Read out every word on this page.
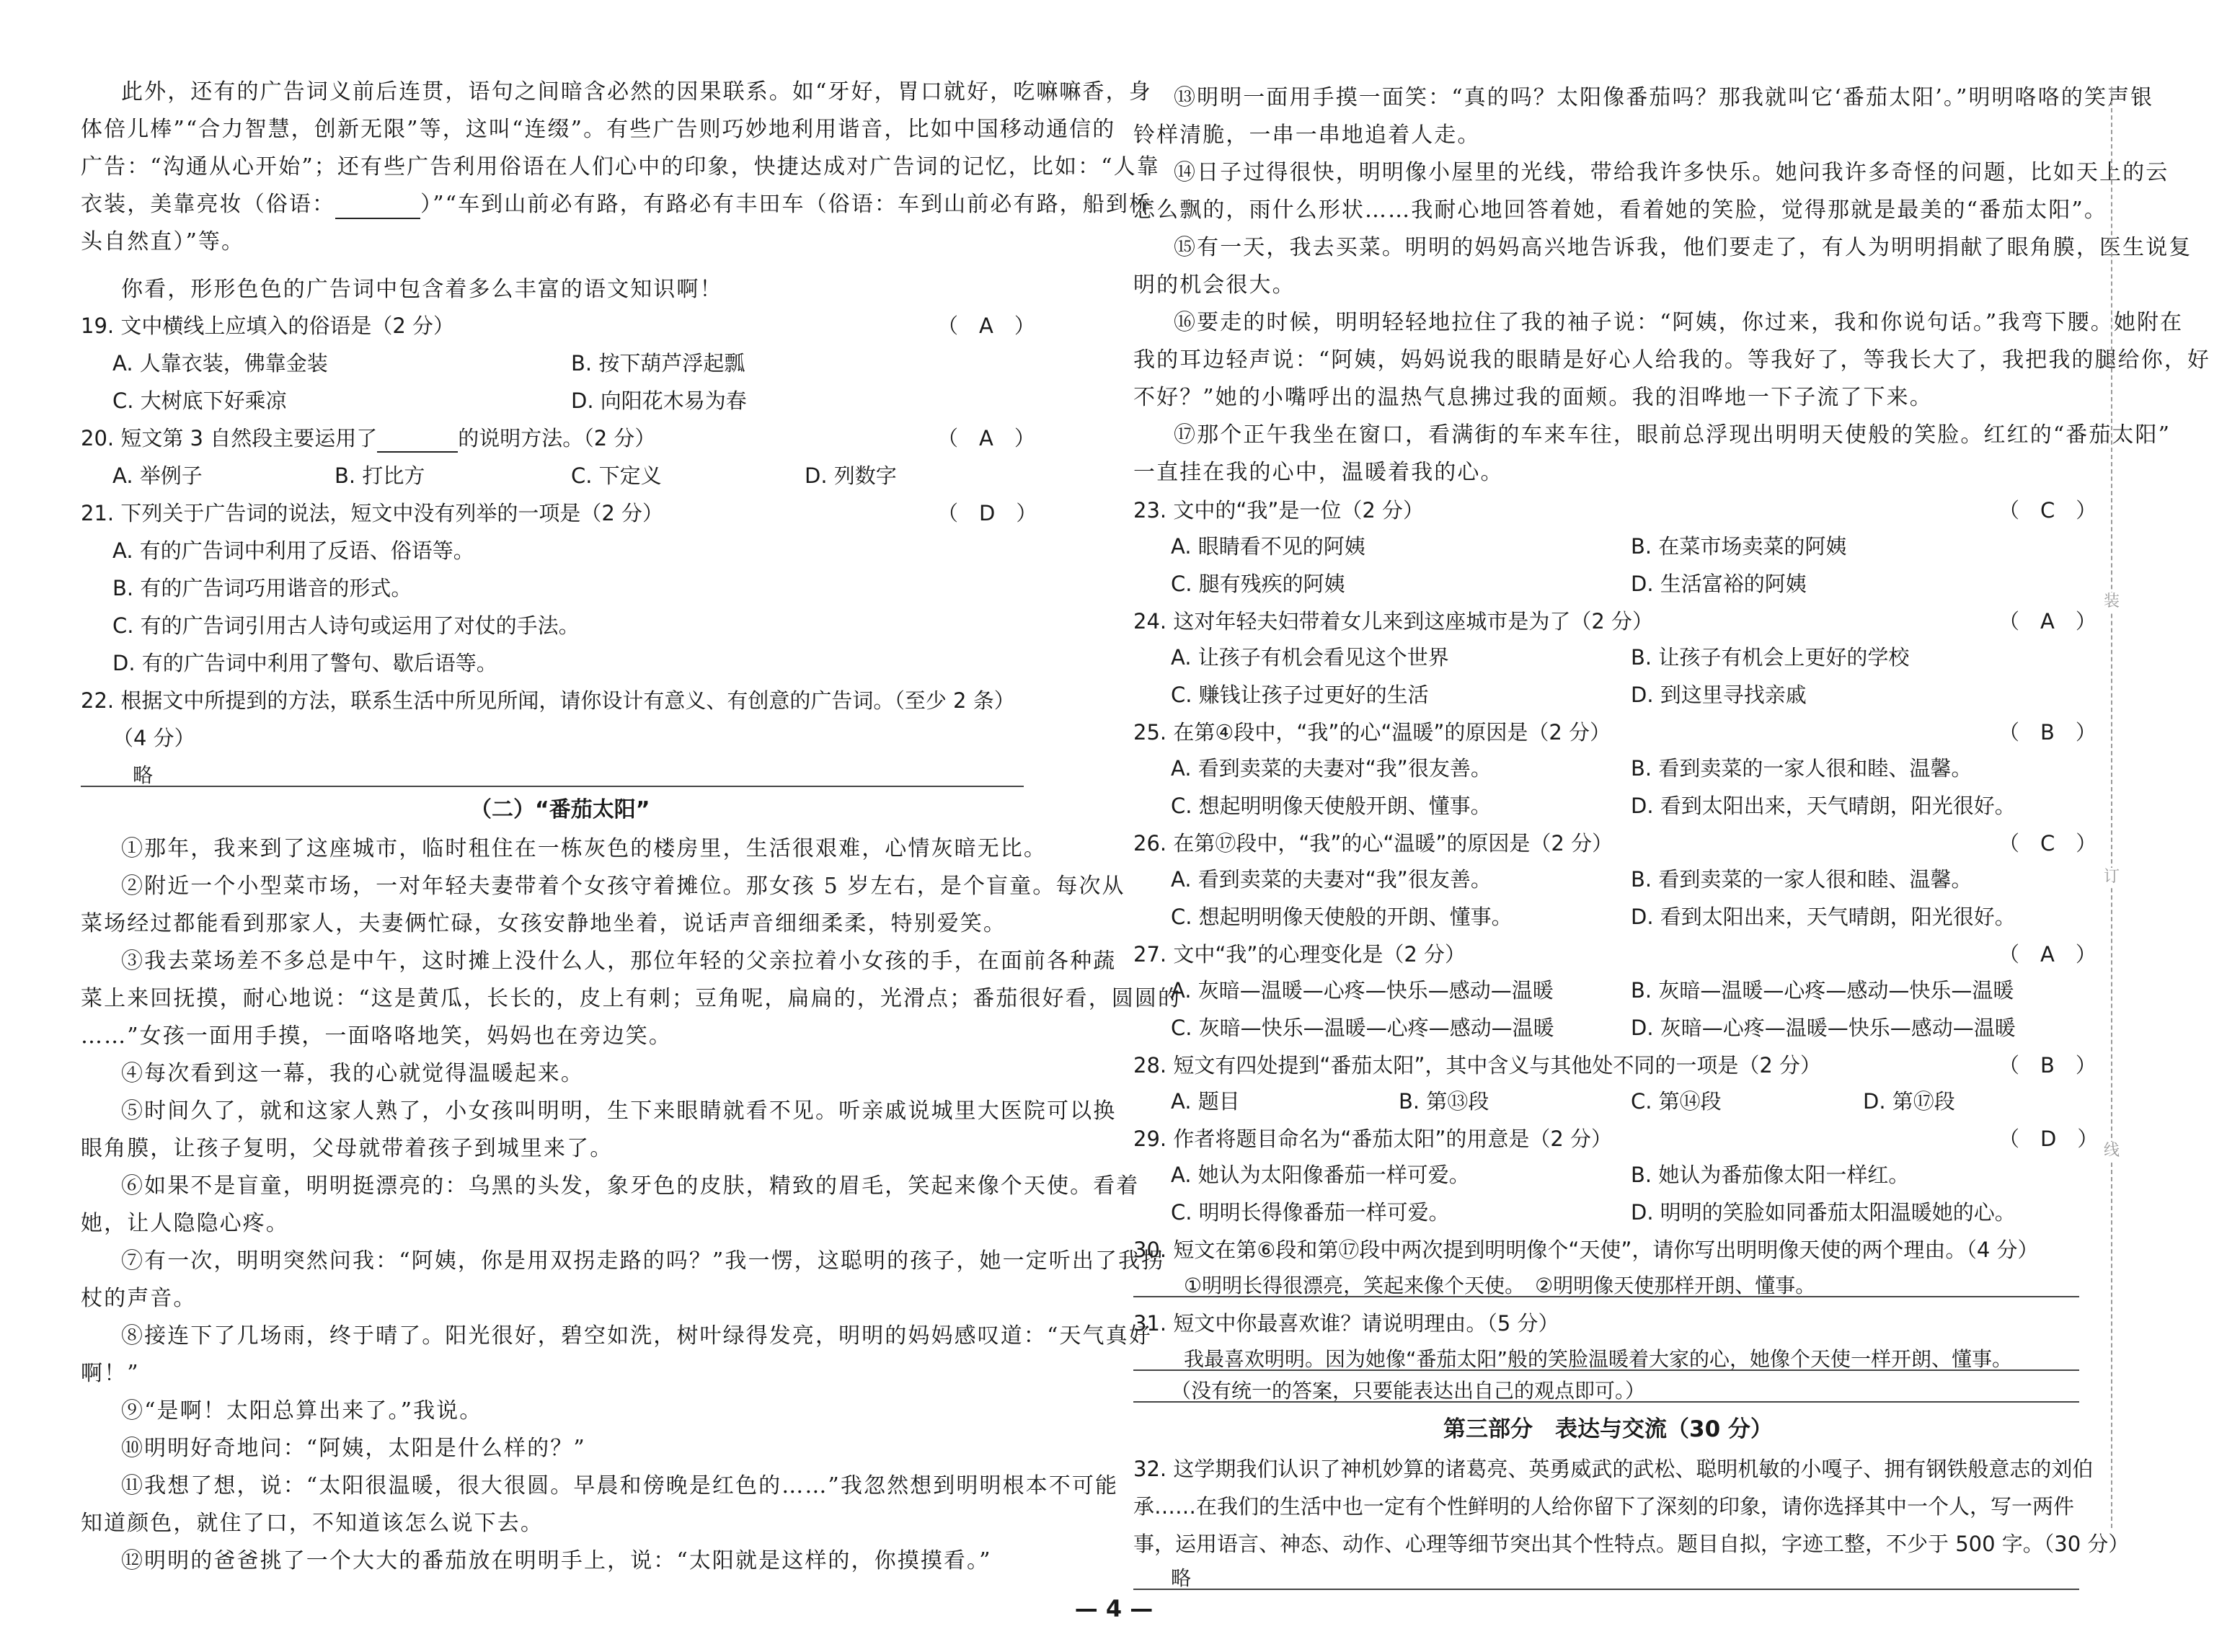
此外，还有的广告词义前后连贯，语句之间暗含必然的因果联系。如“牙好，胃口就好，吃嘛嘛香，身
体倍儿棒”“合力智慧，创新无限”等，这叫“连缀”。有些广告则巧妙地利用谐音，比如中国移动通信的
广告：“沟通从心开始”；还有些广告利用俗语在人们心中的印象，快捷达成对广告词的记忆，比如：“人靠
衣装，美靠亮妆（俗语：	）”“车到山前必有路，有路必有丰田车（俗语：车到山前必有路，船到桥
头自然直）”等。
你看，形形色色的广告词中包含着多么丰富的语文知识啊！
19. 文中横线上应填入的俗语是（2 分）	（　A　）
A. 人靠衣装，佛靠金装	B. 按下葫芦浮起瓢
C. 大树底下好乘凉	D. 向阳花木易为春
20. 短文第 3 自然段主要运用了	的说明方法。（2 分）	（　A　）
A. 举例子	B. 打比方	C. 下定义	D. 列数字
21. 下列关于广告词的说法，短文中没有列举的一项是（2 分）	（　D　）
A. 有的广告词中利用了反语、俗语等。
B. 有的广告词巧用谐音的形式。
C. 有的广告词引用古人诗句或运用了对仗的手法。
D. 有的广告词中利用了警句、歇后语等。
22. 根据文中所提到的方法，联系生活中所见所闻，请你设计有意义、有创意的广告词。（至少 2 条）
（4 分）
略
（二）“番茄太阳”
①那年，我来到了这座城市，临时租住在一栋灰色的楼房里，生活很艰难，心情灰暗无比。
②附近一个小型菜市场，一对年轻夫妻带着个女孩守着摊位。那女孩 5 岁左右，是个盲童。每次从
菜场经过都能看到那家人，夫妻俩忙碌，女孩安静地坐着，说话声音细细柔柔，特别爱笑。
③我去菜场差不多总是中午，这时摊上没什么人，那位年轻的父亲拉着小女孩的手，在面前各种蔬
菜上来回抚摸，耐心地说：“这是黄瓜，长长的，皮上有刺；豆角呢，扁扁的，光滑点；番茄很好看，圆圆的
……”女孩一面用手摸，一面咯咯地笑，妈妈也在旁边笑。
④每次看到这一幕，我的心就觉得温暖起来。
⑤时间久了，就和这家人熟了，小女孩叫明明，生下来眼睛就看不见。听亲戚说城里大医院可以换
眼角膜，让孩子复明，父母就带着孩子到城里来了。
⑥如果不是盲童，明明挺漂亮的：乌黑的头发，象牙色的皮肤，精致的眉毛，笑起来像个天使。看着
她，让人隐隐心疼。
⑦有一次，明明突然问我：“阿姨，你是用双拐走路的吗？”我一愣，这聪明的孩子，她一定听出了我拐
杖的声音。
⑧接连下了几场雨，终于晴了。阳光很好，碧空如洗，树叶绿得发亮，明明的妈妈感叹道：“天气真好
啊！”
⑨“是啊！太阳总算出来了。”我说。
⑩明明好奇地问：“阿姨，太阳是什么样的？”
⑪我想了想，说：“太阳很温暖，很大很圆。早晨和傍晚是红色的……”我忽然想到明明根本不可能
知道颜色，就住了口，不知道该怎么说下去。
⑫明明的爸爸挑了一个大大的番茄放在明明手上，说：“太阳就是这样的，你摸摸看。”
⑬明明一面用手摸一面笑：“真的吗？太阳像番茄吗？那我就叫它‘番茄太阳’。”明明咯咯的笑声银
铃样清脆，一串一串地追着人走。
⑭日子过得很快，明明像小屋里的光线，带给我许多快乐。她问我许多奇怪的问题，比如天上的云
怎么飘的，雨什么形状……我耐心地回答着她，看着她的笑脸，觉得那就是最美的“番茄太阳”。
⑮有一天，我去买菜。明明的妈妈高兴地告诉我，他们要走了，有人为明明捐献了眼角膜，医生说复
明的机会很大。
⑯要走的时候，明明轻轻地拉住了我的袖子说：“阿姨，你过来，我和你说句话。”我弯下腰。她附在
我的耳边轻声说：“阿姨，妈妈说我的眼睛是好心人给我的。等我好了，等我长大了，我把我的腿给你，好
不好？”她的小嘴呼出的温热气息拂过我的面颊。我的泪哗地一下子流了下来。
⑰那个正午我坐在窗口，看满街的车来车往，眼前总浮现出明明天使般的笑脸。红红的“番茄太阳”
一直挂在我的心中，温暖着我的心。
23. 文中的“我”是一位（2 分）	（　C　）
A. 眼睛看不见的阿姨	B. 在菜市场卖菜的阿姨
C. 腿有残疾的阿姨	D. 生活富裕的阿姨
24. 这对年轻夫妇带着女儿来到这座城市是为了（2 分）	（　A　）
A. 让孩子有机会看见这个世界	B. 让孩子有机会上更好的学校
C. 赚钱让孩子过更好的生活	D. 到这里寻找亲戚
25. 在第④段中，“我”的心“温暖”的原因是（2 分）	（　B　）
A. 看到卖菜的夫妻对“我”很友善。	B. 看到卖菜的一家人很和睦、温馨。
C. 想起明明像天使般开朗、懂事。	D. 看到太阳出来，天气晴朗，阳光很好。
26. 在第⑰段中，“我”的心“温暖”的原因是（2 分）	（　C　）
A. 看到卖菜的夫妻对“我”很友善。	B. 看到卖菜的一家人很和睦、温馨。
C. 想起明明像天使般的开朗、懂事。	D. 看到太阳出来，天气晴朗，阳光很好。
27. 文中“我”的心理变化是（2 分）	（　A　）
A. 灰暗—温暖—心疼—快乐—感动—温暖	B. 灰暗—温暖—心疼—感动—快乐—温暖
C. 灰暗—快乐—温暖—心疼—感动—温暖	D. 灰暗—心疼—温暖—快乐—感动—温暖
28. 短文有四处提到“番茄太阳”，其中含义与其他处不同的一项是（2 分）	（　B　）
A. 题目	B. 第⑬段	C. 第⑭段	D. 第⑰段
29. 作者将题目命名为“番茄太阳”的用意是（2 分）	（　D　）
A. 她认为太阳像番茄一样可爱。	B. 她认为番茄像太阳一样红。
C. 明明长得像番茄一样可爱。	D. 明明的笑脸如同番茄太阳温暖她的心。
30. 短文在第⑥段和第⑰段中两次提到明明像个“天使”，请你写出明明像天使的两个理由。（4 分）
①明明长得很漂亮，笑起来像个天使。　②明明像天使那样开朗、懂事。
31. 短文中你最喜欢谁？请说明理由。（5 分）
我最喜欢明明。因为她像“番茄太阳”般的笑脸温暖着大家的心，她像个天使一样开朗、懂事。
（没有统一的答案，只要能表达出自己的观点即可。）
第三部分　表达与交流（30 分）
32. 这学期我们认识了神机妙算的诸葛亮、英勇威武的武松、聪明机敏的小嘎子、拥有钢铁般意志的刘伯
承……在我们的生活中也一定有个性鲜明的人给你留下了深刻的印象，请你选择其中一个人，写一两件
事，运用语言、神态、动作、心理等细节突出其个性特点。题目自拟，字迹工整，不少于 500 字。（30 分）
略
装
订
线
— 4 —
